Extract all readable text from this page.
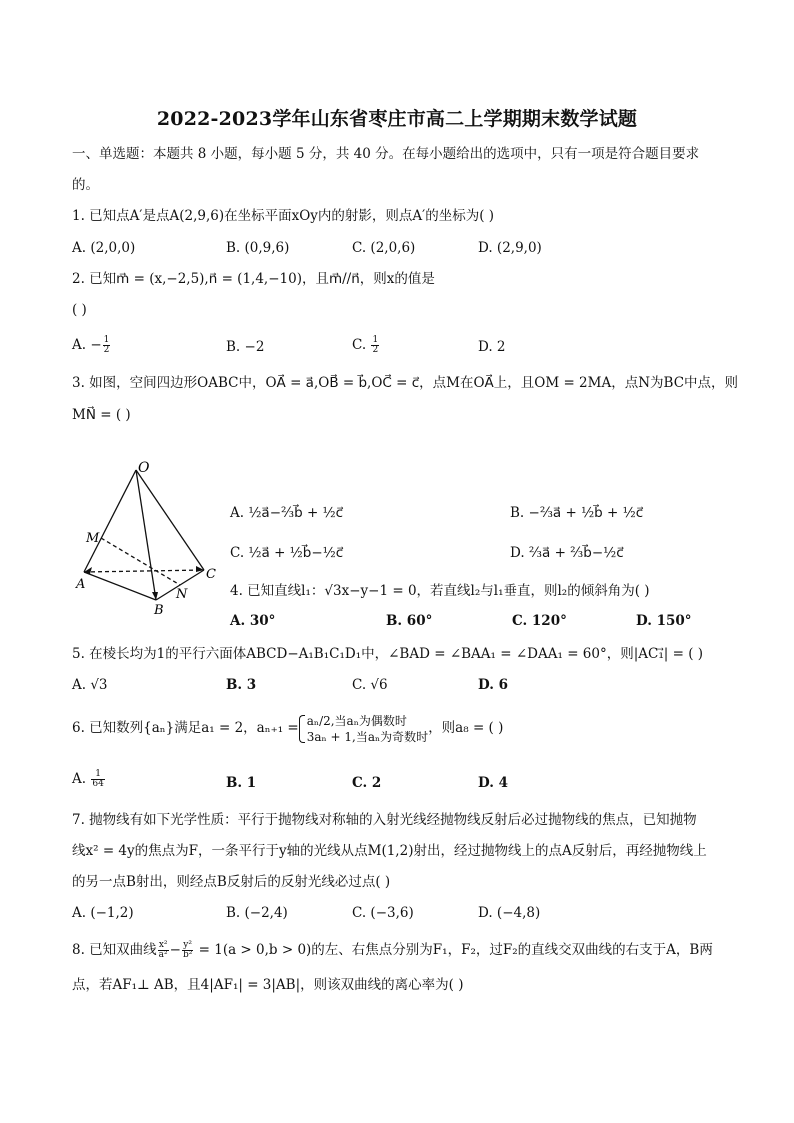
2022-2023学年山东省枣庄市高二上学期期末数学试题
一、单选题：本题共 8 小题，每小题 5 分，共 40 分。在每小题给出的选项中，只有一项是符合题目要求
的。
1. 已知点A′是点A(2,9,6)在坐标平面xOy内的射影，则点A′的坐标为( )
A. (2,0,0)	B. (0,9,6)	C. (2,0,6)	D. (2,9,0)
2. 已知m⃗ = (x,−2,5),n⃗ = (1,4,−10)，且m⃗//n⃗，则x的值是
( )
A. − $\frac{1}{2}$	B. −2	C. $\frac{1}{2}$	D. 2
3. 如图，空间四边形OABC中，OA⃗ = a⃗,OB⃗ = b⃗,OC⃗ = c⃗，点M在OA⃗上，且OM = 2MA，点N为BC中点，则
MN⃗ = ( )
O
M
A
B
C
N
A. ½a⃗−⅔b⃗ + ½c⃗	B. −⅔a⃗ + ½b⃗ + ½c⃗
C. ½a⃗ + ½b⃗−½c⃗	D. ⅔a⃗ + ⅔b⃗−½c⃗
4. 已知直线l₁：√3x−y−1 = 0，若直线l₂与l₁垂直，则l₂的倾斜角为( )
A. 30°	B. 60°	C. 120°	D. 150°
5. 在棱长均为1的平行六面体ABCD−A₁B₁C₁D₁中，∠BAD = ∠BAA₁ = ∠DAA₁ = 60°，则|AC₁⃗| = ( )
A. √3	B. 3	C. √6	D. 6
6. 已知数列{aₙ}满足a₁ = 2，aₙ₊₁ = aₙ/2,当aₙ为偶数时
3aₙ + 1,当aₙ为奇数时
，则a₈ = ( )
A. $\frac{1}{64}$	B. 1	C. 2	D. 4
7. 抛物线有如下光学性质：平行于抛物线对称轴的入射光线经抛物线反射后必过抛物线的焦点，已知抛物
线x² = 4y的焦点为F，一条平行于y轴的光线从点M(1,2)射出，经过抛物线上的点A反射后，再经抛物线上
的另一点B射出，则经点B反射后的反射光线必过点( )
A. (−1,2)	B. (−2,4)	C. (−3,6)	D. (−4,8)
8. 已知双曲线 $\frac{\text{x²}}{\text{a²}} - \frac{\text{y²}}{\text{b²}} = 1(a > 0,b > 0)$的左、右焦点分别为F₁，F₂，过F₂的直线交双曲线的右支于A，B两
点，若AF₁⊥ AB，且4|AF₁| = 3|AB|，则该双曲线的离心率为( )
